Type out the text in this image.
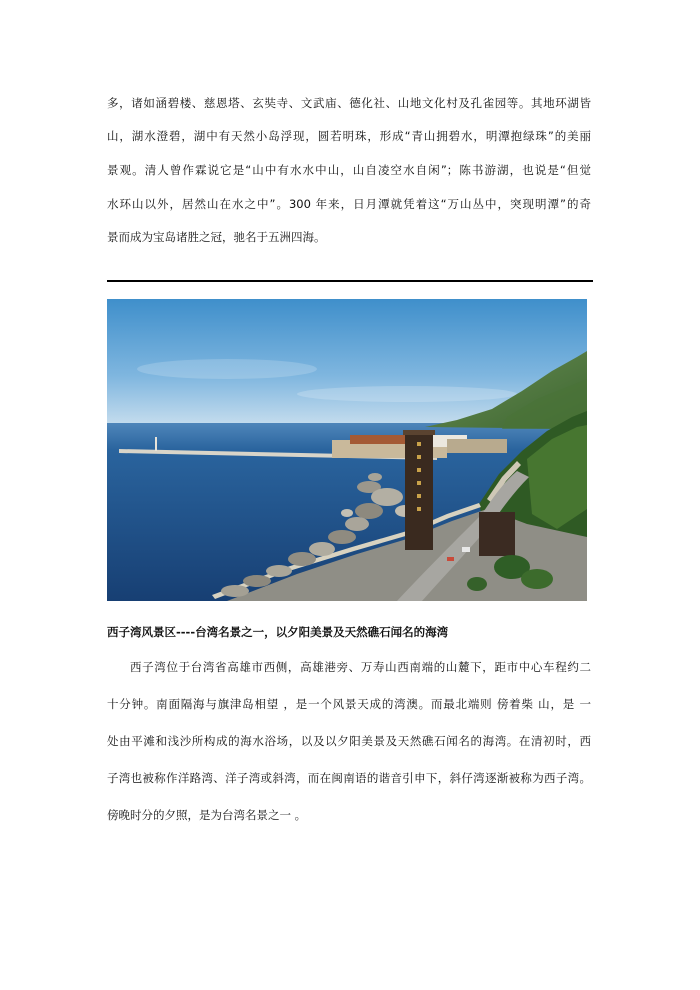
多，诸如涵碧楼、慈恩塔、玄奘寺、文武庙、德化社、山地文化村及孔雀园等。其地环湖皆
山，湖水澄碧，湖中有天然小岛浮现，圆若明珠，形成“青山拥碧水，明潭抱绿珠”的美丽
景观。清人曾作霖说它是“山中有水水中山，山自凌空水自闲”；陈书游湖，也说是“但觉
水环山以外，居然山在水之中”。300 年来，日月潭就凭着这“万山丛中，突现明潭”的奇
景而成为宝岛诸胜之冠，驰名于五洲四海。
西子湾风景区----台湾名景之一，以夕阳美景及天然礁石闻名的海湾
西子湾位于台湾省高雄市西侧，高雄港旁、万寿山西南端的山麓下，距市中心车程约二
十分钟。南面隔海与旗津岛相望 ，是一个风景天成的湾澳。而最北端则 傍着柴 山，是 一
处由平滩和浅沙所构成的海水浴场，以及以夕阳美景及天然礁石闻名的海湾。在清初时，西
子湾也被称作洋路湾、洋子湾或斜湾，而在闽南语的谐音引申下，斜仔湾逐渐被称为西子湾。
傍晚时分的夕照，是为台湾名景之一 。
